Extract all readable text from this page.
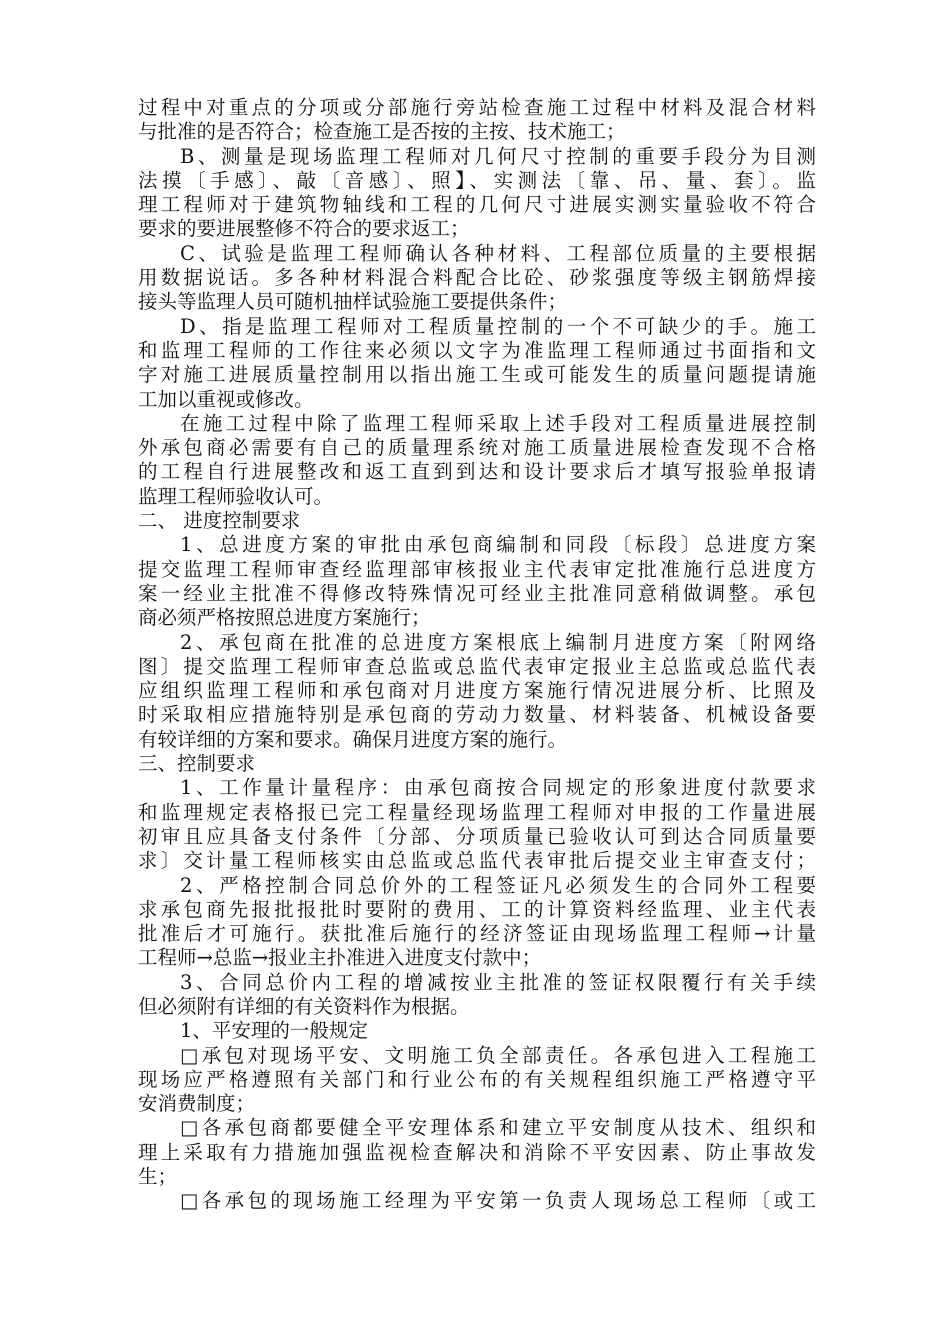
过程中对重点的分项或分部施行旁站检查施工过程中材料及混合材料
与批准的是否符合；检查施工是否按的主按、技术施工；
B、测量是现场监理工程师对几何尺寸控制的重要手段分为目测
法摸〔手感〕、敲〔音感〕、照】、实测法〔靠、吊、量、套〕。监
理工程师对于建筑物轴线和工程的几何尺寸进展实测实量验收不符合
要求的要进展整修不符合的要求返工；
C、试验是监理工程师确认各种材料、工程部位质量的主要根据
用数据说话。多各种材料混合料配合比砼、砂浆强度等级主钢筋焊接
接头等监理人员可随机抽样试验施工要提供条件；
D、指是监理工程师对工程质量控制的一个不可缺少的手。施工
和监理工程师的工作往来必须以文字为准监理工程师通过书面指和文
字对施工进展质量控制用以指出施工生或可能发生的质量问题提请施
工加以重视或修改。
在施工过程中除了监理工程师采取上述手段对工程质量进展控制
外承包商必需要有自己的质量理系统对施工质量进展检查发现不合格
的工程自行进展整改和返工直到到达和设计要求后才填写报验单报请
监理工程师验收认可。
二、 进度控制要求
1、总进度方案的审批由承包商编制和同段〔标段〕总进度方案
提交监理工程师审查经监理部审核报业主代表审定批准施行总进度方
案一经业主批准不得修改特殊情况可经业主批准同意稍做调整。承包
商必须严格按照总进度方案施行；
2、承包商在批准的总进度方案根底上编制月进度方案〔附网络
图〕提交监理工程师审查总监或总监代表审定报业主总监或总监代表
应组织监理工程师和承包商对月进度方案施行情况进展分析、比照及
时采取相应措施特别是承包商的劳动力数量、材料装备、机械设备要
有较详细的方案和要求。确保月进度方案的施行。
三、控制要求
1、工作量计量程序：由承包商按合同规定的形象进度付款要求
和监理规定表格报已完工程量经现场监理工程师对申报的工作量进展
初审且应具备支付条件〔分部、分项质量已验收认可到达合同质量要
求〕交计量工程师核实由总监或总监代表审批后提交业主审查支付；
2、严格控制合同总价外的工程签证凡必须发生的合同外工程要
求承包商先报批报批时要附的费用、工的计算资料经监理、业主代表
批准后才可施行。获批准后施行的经济签证由现场监理工程师→计量
工程师→总监→报业主扑准进入进度支付款中；
3、合同总价内工程的增减按业主批准的签证权限覆行有关手续
但必须附有详细的有关资料作为根据。
1、平安理的一般规定
□承包对现场平安、文明施工负全部责任。各承包进入工程施工
现场应严格遵照有关部门和行业公布的有关规程组织施工严格遵守平
安消费制度；
□各承包商都要健全平安理体系和建立平安制度从技术、组织和
理上采取有力措施加强监视检查解决和消除不平安因素、防止事故发
生；
□各承包的现场施工经理为平安第一负责人现场总工程师〔或工
